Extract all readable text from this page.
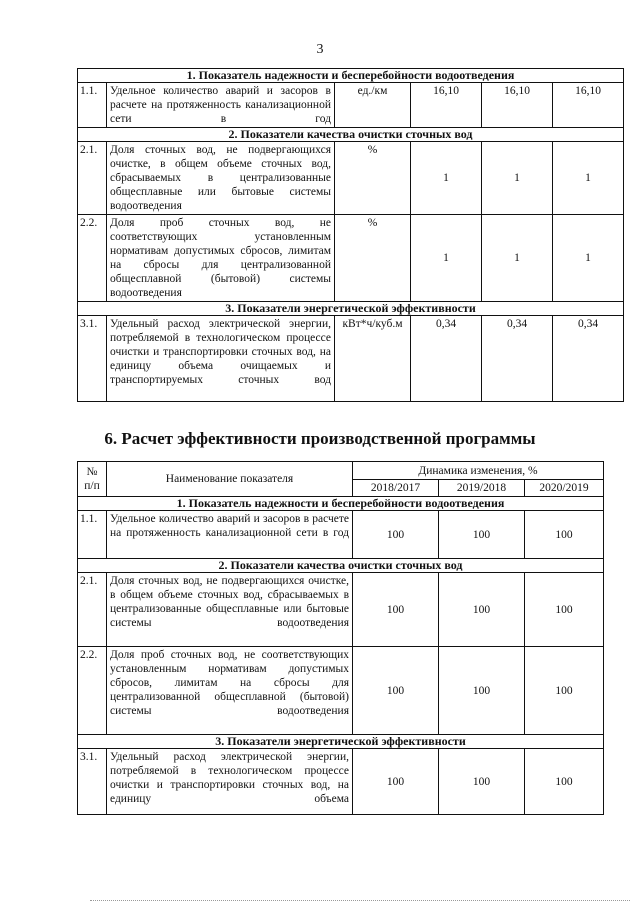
3
1. Показатель надежности и бесперебойности водоотведения					
1.1.	Удельное количество аварий и засоров в расчете на протяженность канализационной сети в год	ед./км	16,10	16,10	16,10
2. Показатели качества очистки сточных вод					
2.1.	Доля сточных вод, не подвергающихся очистке, в общем объеме сточных вод, сбрасываемых в централизованные общесплавные или бытовые системы водоотведения	%	1	1	1
2.2.	Доля проб сточных вод, не соответствующих установленным нормативам допустимых сбросов, лимитам на сбросы для централизованной общесплавной (бытовой) системы водоотведения	%	1	1	1
3. Показатели энергетической эффективности					
3.1.	Удельный расход электрической энергии, потребляемой в технологическом процессе очистки и транспортировки сточных вод, на единицу объема очищаемых и транспортируемых сточных вод	кВт*ч/куб.м	0,34	0,34	0,34
6. Расчет эффективности производственной программы
№ п/п	Наименование показателя	Динамика изменения, %		
		2018/2017	2019/2018	2020/2019
1. Показатель надежности и бесперебойности водоотведения				
1.1.	Удельное количество аварий и засоров в расчете на протяженность канализационной сети в год	100	100	100
2. Показатели качества очистки сточных вод				
2.1.	Доля сточных вод, не подвергающихся очистке, в общем объеме сточных вод, сбрасываемых в централизованные общесплавные или бытовые системы водоотведения	100	100	100
2.2.	Доля проб сточных вод, не соответствующих установленным нормативам допустимых сбросов, лимитам на сбросы для централизованной общесплавной (бытовой) системы водоотведения	100	100	100
3. Показатели энергетической эффективности				
3.1.	Удельный расход электрической энергии, потребляемой в технологическом процессе очистки и транспортировки сточных вод, на единицу объема	100	100	100
